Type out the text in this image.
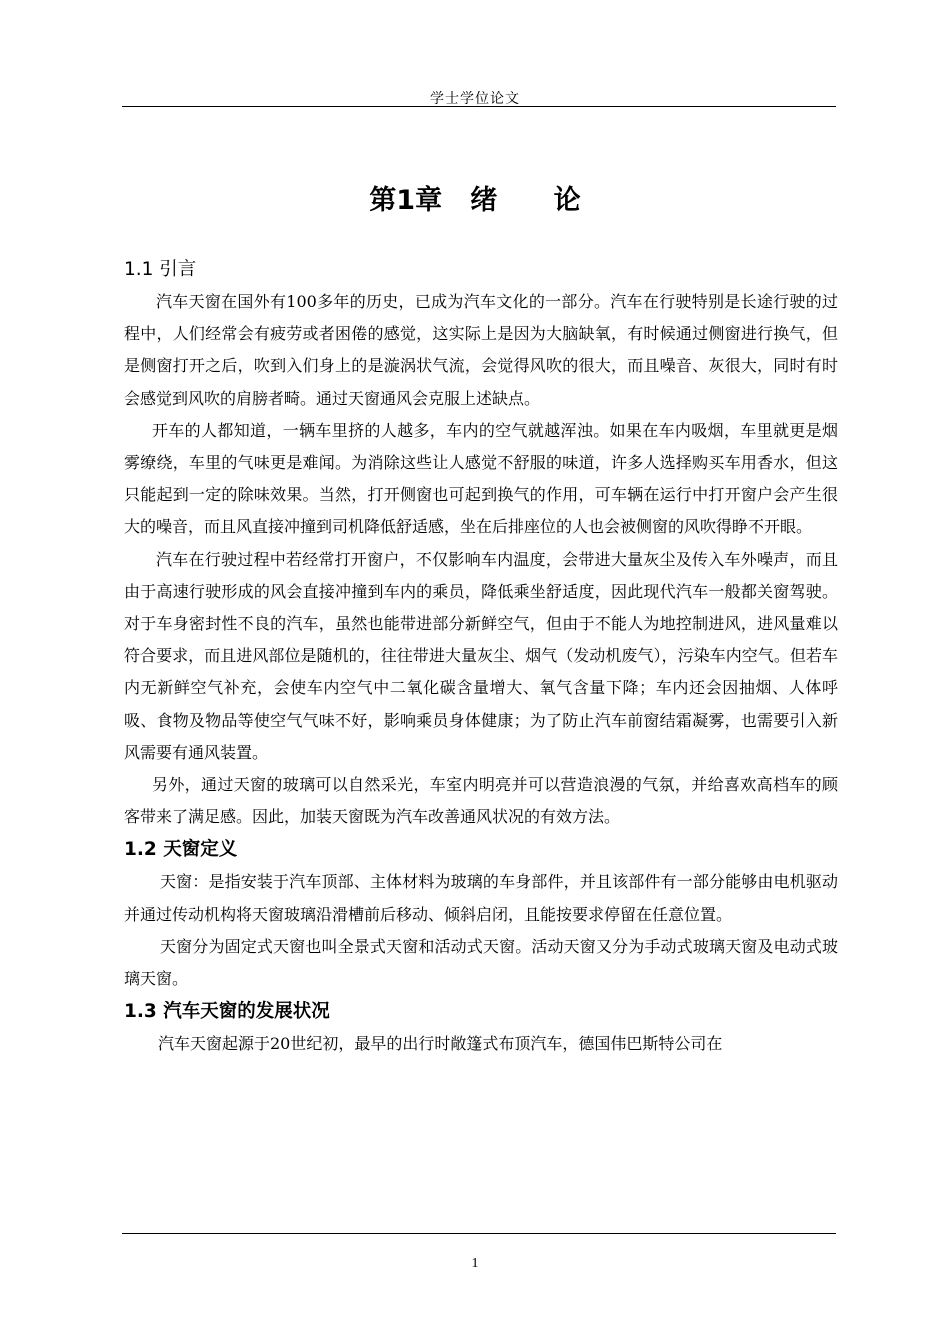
学士学位论文
第1章   绪      论
1.1 引言

汽车天窗在国外有100多年的历史，已成为汽车文化的一部分。汽车在行驶特别是长途行驶的过程中，人们经常会有疲劳或者困倦的感觉，这实际上是因为大脑缺氧，有时候通过侧窗进行换气，但是侧窗打开之后，吹到入们身上的是漩涡状气流，会觉得风吹的很大，而且噪音、灰很大，同时有时会感觉到风吹的肩膀者畸。通过天窗通风会克服上述缺点。

开车的人都知道，一辆车里挤的人越多，车内的空气就越浑浊。如果在车内吸烟，车里就更是烟雾缭绕，车里的气味更是难闻。为消除这些让人感觉不舒服的味道，许多人选择购买车用香水，但这只能起到一定的除味效果。当然，打开侧窗也可起到换气的作用，可车辆在运行中打开窗户会产生很大的噪音，而且风直接冲撞到司机降低舒适感，坐在后排座位的人也会被侧窗的风吹得睁不开眼。

汽车在行驶过程中若经常打开窗户，不仅影响车内温度，会带进大量灰尘及传入车外噪声，而且由于高速行驶形成的风会直接冲撞到车内的乘员，降低乘坐舒适度，因此现代汽车一般都关窗驾驶。对于车身密封性不良的汽车，虽然也能带进部分新鲜空气，但由于不能人为地控制进风，进风量难以符合要求，而且进风部位是随机的，往往带进大量灰尘、烟气（发动机废气），污染车内空气。但若车内无新鲜空气补充，会使车内空气中二氧化碳含量增大、氧气含量下降；车内还会因抽烟、人体呼吸、食物及物品等使空气气味不好，影响乘员身体健康；为了防止汽车前窗结霜凝雾，也需要引入新风需要有通风装置。

另外，通过天窗的玻璃可以自然采光，车室内明亮并可以营造浪漫的气氛，并给喜欢高档车的顾客带来了满足感。因此，加装天窗既为汽车改善通风状况的有效方法。

1.2 天窗定义

天窗：是指安装于汽车顶部、主体材料为玻璃的车身部件，并且该部件有一部分能够由电机驱动并通过传动机构将天窗玻璃沿滑槽前后移动、倾斜启闭，且能按要求停留在任意位置。

天窗分为固定式天窗也叫全景式天窗和活动式天窗。活动天窗又分为手动式玻璃天窗及电动式玻璃天窗。

1.3 汽车天窗的发展状况

汽车天窗起源于20世纪初，最早的出行时敞篷式布顶汽车，德国伟巴斯特公司在

1
